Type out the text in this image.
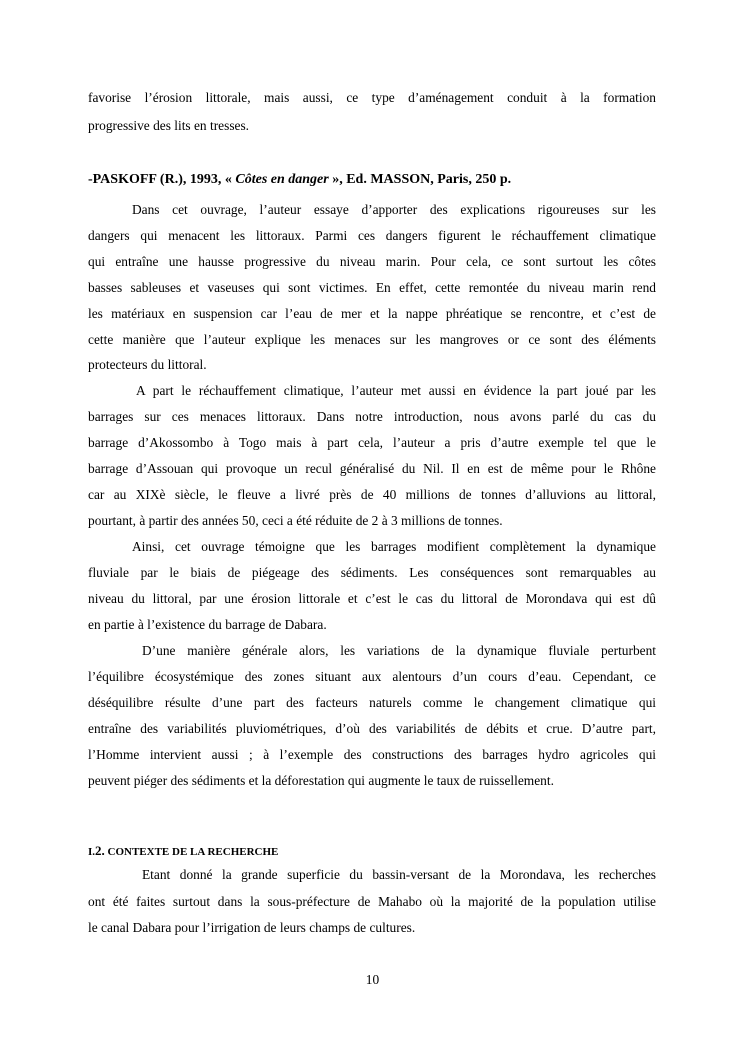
favorise l’érosion littorale, mais aussi, ce type d’aménagement conduit à la formation
progressive des lits en tresses.
-PASKOFF (R.), 1993, « Côtes en danger », Ed. MASSON, Paris, 250 p.
Dans cet ouvrage, l’auteur essaye d’apporter des explications rigoureuses sur les
dangers qui menacent les littoraux. Parmi ces dangers figurent le réchauffement climatique
qui entraîne une hausse progressive du niveau marin. Pour cela, ce sont surtout les côtes
basses sableuses et vaseuses qui sont victimes. En effet, cette remontée du niveau marin rend
les matériaux en suspension car l’eau de mer et la nappe phréatique se rencontre, et c’est de
cette manière que l’auteur explique les menaces sur les mangroves or ce sont des éléments
protecteurs du littoral.
A part le réchauffement climatique, l’auteur met aussi en évidence la part joué par les
barrages sur ces menaces littoraux. Dans notre introduction, nous avons parlé du cas du
barrage d’Akossombo à Togo mais à part cela, l’auteur a pris d’autre exemple tel que le
barrage d’Assouan qui provoque un recul généralisé du Nil. Il en est de même pour le Rhône
car au XIXè siècle, le fleuve a livré près de 40 millions de tonnes d’alluvions au littoral,
pourtant, à partir des années 50, ceci a été réduite de 2 à 3 millions de tonnes.
Ainsi, cet ouvrage témoigne que les barrages modifient complètement la dynamique
fluviale par le biais de piégeage des sédiments. Les conséquences sont remarquables au
niveau du littoral, par une érosion littorale et c’est le cas du littoral de Morondava qui est dû
en partie à l’existence du barrage de Dabara.
D’une manière générale alors, les variations de la dynamique fluviale perturbent
l’équilibre écosystémique des zones situant aux alentours d’un cours d’eau. Cependant, ce
déséquilibre résulte d’une part des facteurs naturels comme le changement climatique qui
entraîne des variabilités pluviométriques, d’où des variabilités de débits et crue. D’autre part,
l’Homme intervient aussi ; à l’exemple des constructions des barrages hydro agricoles qui
peuvent piéger des sédiments et la déforestation qui augmente le taux de ruissellement.
I.2. CONTEXTE DE LA RECHERCHE
Etant donné la grande superficie du bassin-versant de la Morondava, les recherches
ont été faites surtout dans la sous-préfecture de Mahabo où la majorité de la population utilise
le canal Dabara pour l’irrigation de leurs champs de cultures.
10
